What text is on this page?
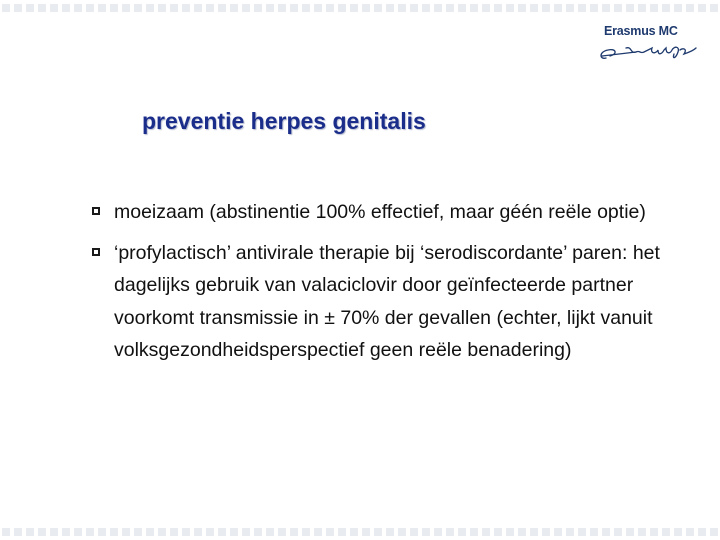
Erasmus MC
preventie herpes genitalis
moeizaam (abstinentie 100% effectief, maar géén reële optie)
‘profylactisch’ antivirale therapie bij ‘serodiscordante’ paren: het dagelijks gebruik van valaciclovir door geïnfecteerde partner voorkomt transmissie in ± 70% der gevallen (echter, lijkt vanuit volksgezondheidsperspectief geen reële benadering)
